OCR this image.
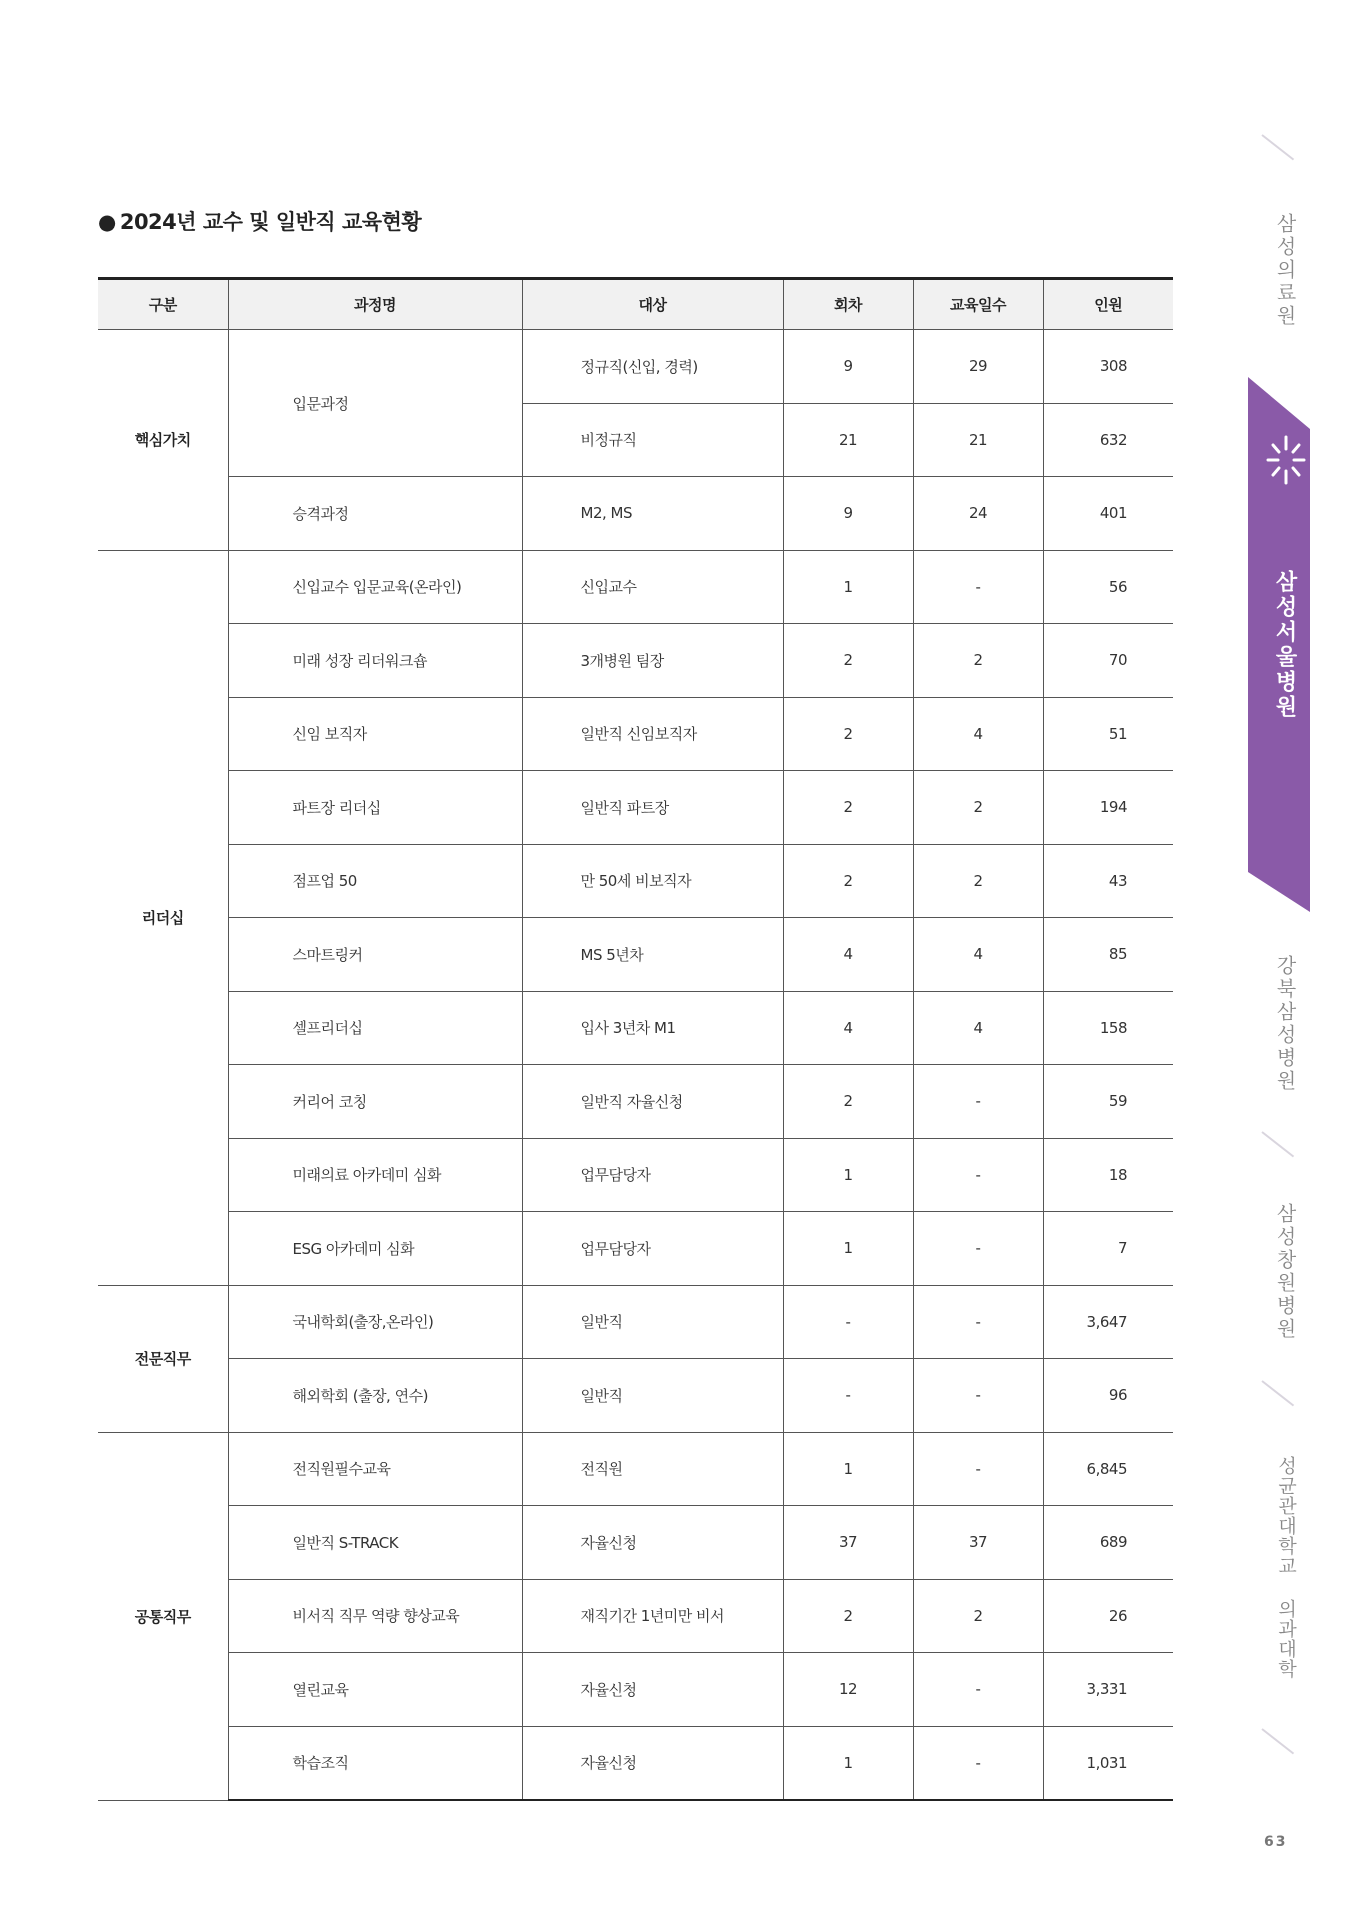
● 2024년 교수 및 일반직 교육현황
구분	과정명	대상	회차	교육일수	인원
핵심가치	입문과정	정규직(신입, 경력)	9	29	308
		비정규직	21	21	632
	승격과정	M2, MS	9	24	401
리더십	신입교수 입문교육(온라인)	신입교수	1	-	56
	미래 성장 리더워크숍	3개병원 팀장	2	2	70
	신임 보직자	일반직 신임보직자	2	4	51
	파트장 리더십	일반직 파트장	2	2	194
	점프업 50	만 50세 비보직자	2	2	43
	스마트링커	MS 5년차	4	4	85
	셀프리더십	입사 3년차 M1	4	4	158
	커리어 코칭	일반직 자율신청	2	-	59
	미래의료 아카데미 심화	업무담당자	1	-	18
	ESG 아카데미 심화	업무담당자	1	-	7
전문직무	국내학회(출장,온라인)	일반직	-	-	3,647
	해외학회 (출장, 연수)	일반직	-	-	96
공통직무	전직원필수교육	전직원	1	-	6,845
	일반직 S-TRACK	자율신청	37	37	689
	비서직 직무 역량 향상교육	재직기간 1년미만 비서	2	2	26
	열린교육	자율신청	12	-	3,331
	학습조직	자율신청	1	-	1,031
삼성의료원
삼성서울병원
강북삼성병원
삼성창원병원
성균관대학교 의과대학
63
